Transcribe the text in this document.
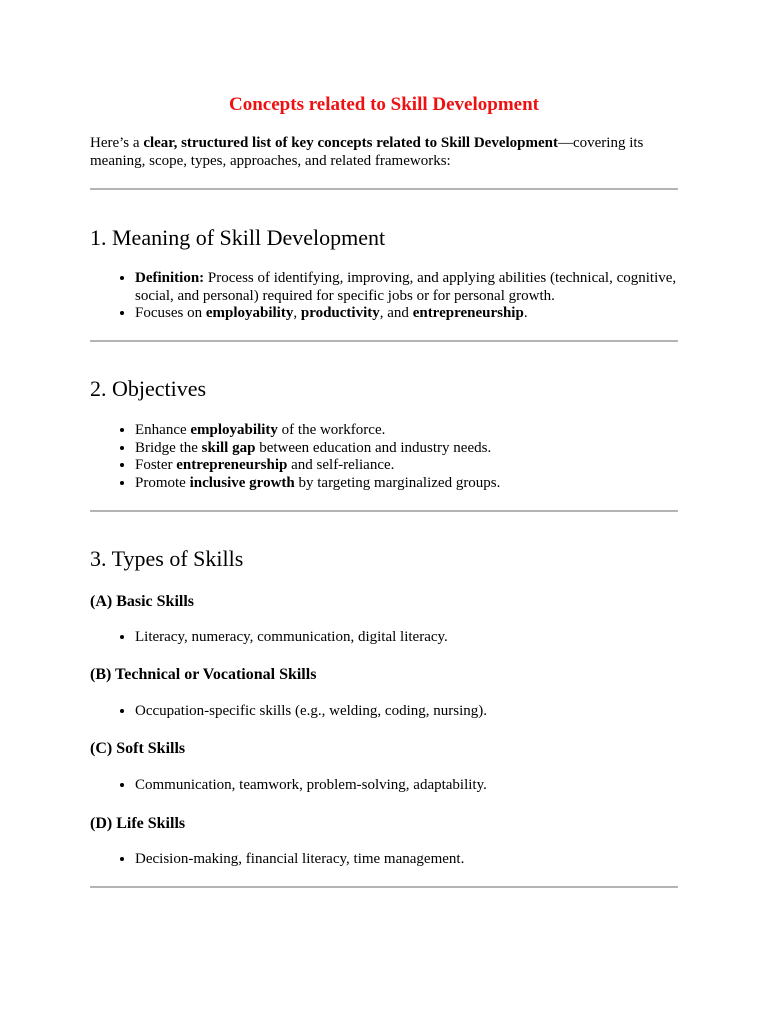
Concepts related to Skill Development

Here’s a clear, structured list of key concepts related to Skill Development—covering its meaning, scope, types, approaches, and related frameworks:

1. Meaning of Skill Development
• Definition: Process of identifying, improving, and applying abilities (technical, cognitive, social, and personal) required for specific jobs or for personal growth.
• Focuses on employability, productivity, and entrepreneurship.
2. Objectives
• Enhance employability of the workforce.
• Bridge the skill gap between education and industry needs.
• Foster entrepreneurship and self-reliance.
• Promote inclusive growth by targeting marginalized groups.
3. Types of Skills
(A) Basic Skills
• Literacy, numeracy, communication, digital literacy.
(B) Technical or Vocational Skills
• Occupation-specific skills (e.g., welding, coding, nursing).
(C) Soft Skills
• Communication, teamwork, problem-solving, adaptability.
(D) Life Skills
• Decision-making, financial literacy, time management.
